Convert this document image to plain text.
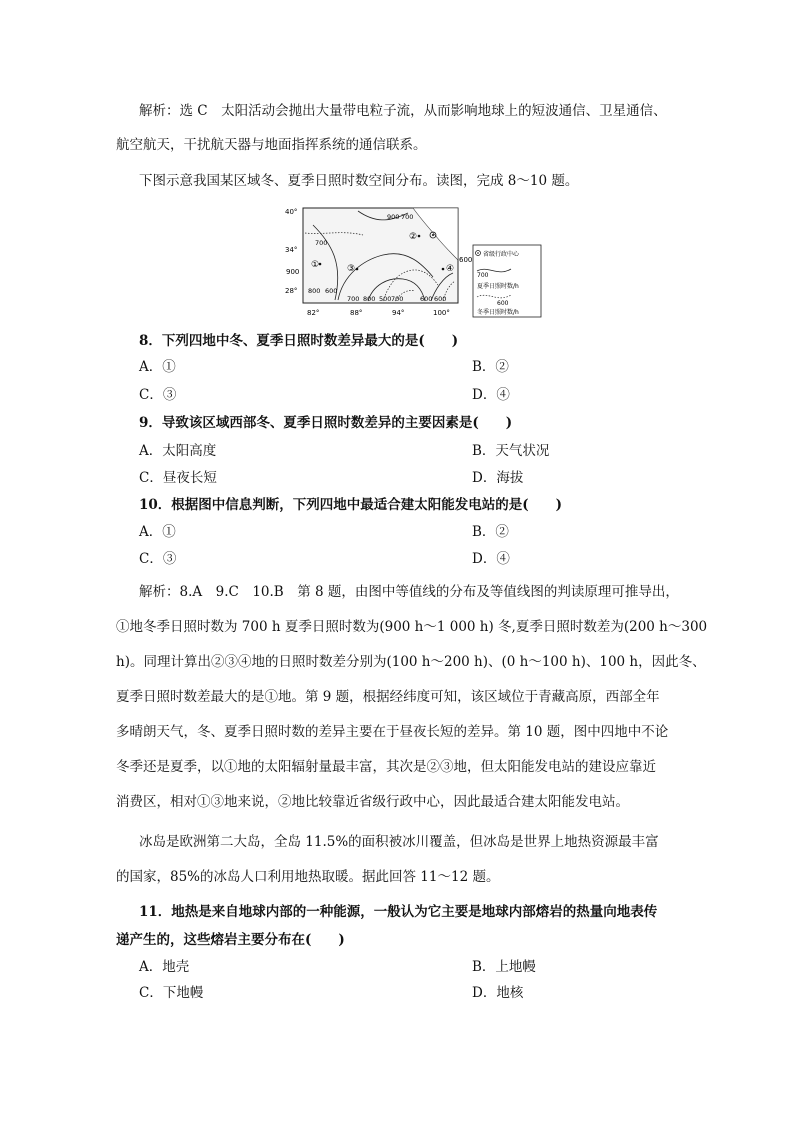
解析：选 C　太阳活动会抛出大量带电粒子流，从而影响地球上的短波通信、卫星通信、
航空航天，干扰航天器与地面指挥系统的通信联系。
下图示意我国某区域冬、夏季日照时数空间分布。读图，完成 8～10 题。
40°
34°
28°
900
82°	88°	94°	100°
①
②
③	④
900 700
700
800 600
700 800 500 700	600 600
600
省级行政中心
700
夏季日照时数/h
600
冬季日照时数/h
8．下列四地中冬、夏季日照时数差异最大的是(　　)
A．①	B．②
C．③	D．④
9．导致该区域西部冬、夏季日照时数差异的主要因素是(　　)
A．太阳高度	B．天气状况
C．昼夜长短	D．海拔
10．根据图中信息判断，下列四地中最适合建太阳能发电站的是(　　)
A．①	B．②
C．③	D．④
解析：8.A　9.C　10.B　第 8 题，由图中等值线的分布及等值线图的判读原理可推导出，
①地冬季日照时数为 700 h 夏季日照时数为(900 h～1 000 h) 冬,夏季日照时数差为(200 h～300
h)。同理计算出②③④地的日照时数差分别为(100 h～200 h)、(0 h～100 h)、100 h，因此冬、
夏季日照时数差最大的是①地。第 9 题，根据经纬度可知，该区域位于青藏高原，西部全年
多晴朗天气，冬、夏季日照时数的差异主要在于昼夜长短的差异。第 10 题，图中四地中不论
冬季还是夏季，以①地的太阳辐射量最丰富，其次是②③地，但太阳能发电站的建设应靠近
消费区，相对①③地来说，②地比较靠近省级行政中心，因此最适合建太阳能发电站。
冰岛是欧洲第二大岛，全岛 11.5%的面积被冰川覆盖，但冰岛是世界上地热资源最丰富
的国家，85%的冰岛人口利用地热取暖。据此回答 11～12 题。
11．地热是来自地球内部的一种能源，一般认为它主要是地球内部熔岩的热量向地表传
递产生的，这些熔岩主要分布在(　　)
A．地壳	B．上地幔
C．下地幔	D．地核
